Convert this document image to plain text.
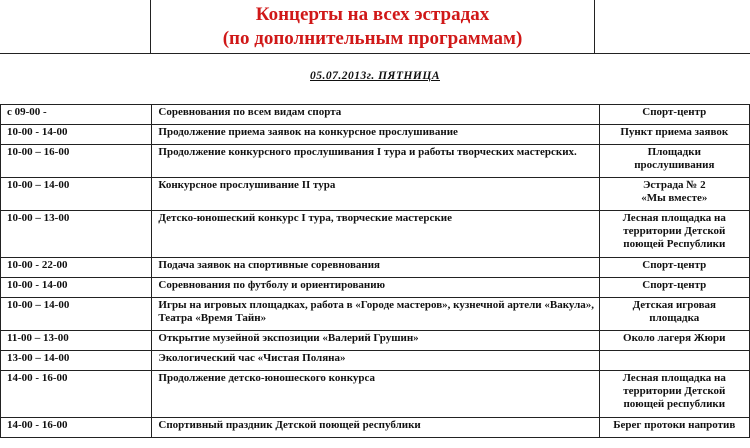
Концерты на всех эстрадах
(по дополнительным программам)
05.07.2013г. ПЯТНИЦА
с 09-00 -	Соревнования по всем видам спорта	Спорт-центр

10-00 - 14-00	Продолжение приема заявок на конкурсное прослушивание	Пункт приема заявок

10-00 – 16-00	Продолжение конкурсного прослушивания I тура и работы творческих мастерских.	Площадки
прослушивания

10-00 – 14-00	Конкурсное прослушивание II тура	Эстрада № 2
«Мы вместе»

10-00 – 13-00	Детско-юношеский конкурс I тура, творческие мастерские	Лесная площадка на
территории Детской
поющей Республики

10-00 - 22-00	Подача заявок на спортивные соревнования	Спорт-центр

10-00 - 14-00	Соревнования по футболу и ориентированию	Спорт-центр

10-00 – 14-00	Игры на игровых площадках, работа в «Городе мастеров», кузнечной артели «Вакула», Театра «Время Тайн»	Детская игровая
площадка

11-00 – 13-00	Открытие музейной экспозиции «Валерий Грушин»	Около лагеря Жюри

13-00 – 14-00	Экологический час «Чистая Поляна»	
14-00 - 16-00	Продолжение детско-юношеского конкурса	Лесная площадка на
территории Детской
поющей республики

14-00 - 16-00	Спортивный праздник Детской поющей республики	Берег протоки напротив
